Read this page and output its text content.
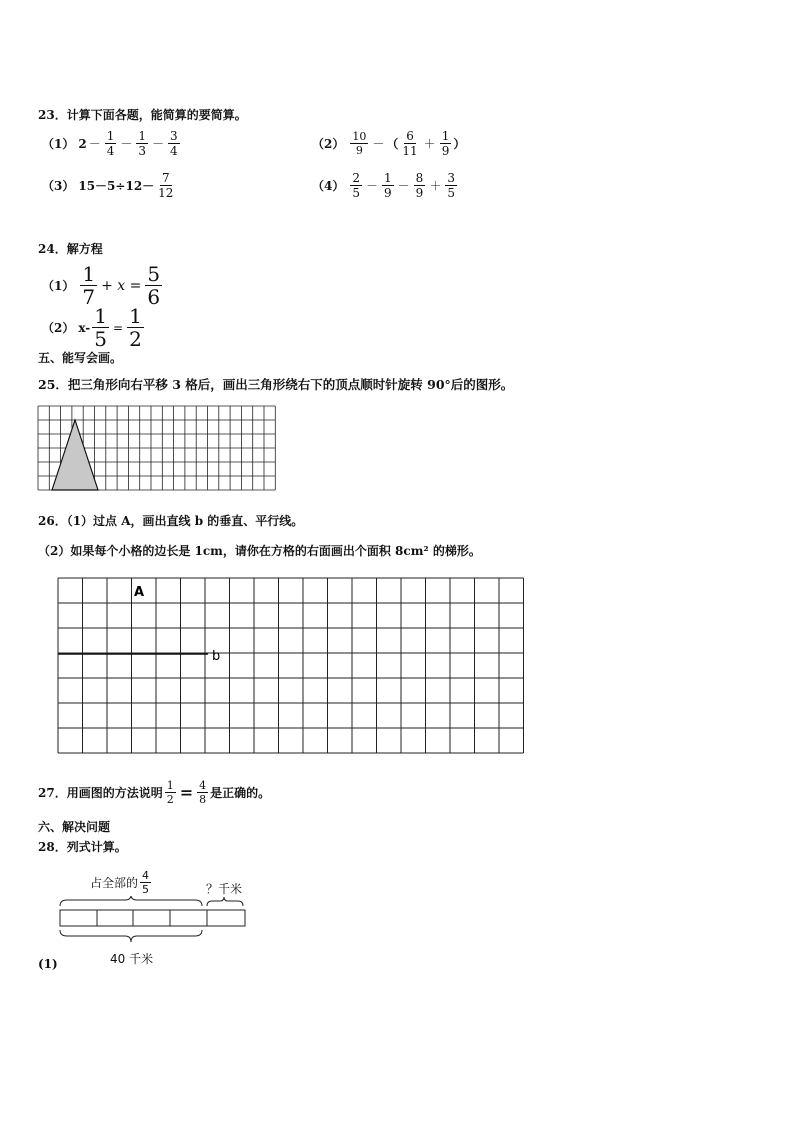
23．计算下面各题，能简算的要简算。
（1） $2 - \frac{1}{4} - \frac{1}{3} - \frac{3}{4}$	$(2) \frac{10}{9}$ － （ $\frac{6}{11} + \frac{1}{9}$ ）
（3） $15-5\div 12- \frac{7}{12}$	$(4) \frac{2}{5} - \frac{1}{9} - \frac{8}{9} + \frac{3}{5}$
24．解方程
$(1) \frac{1}{7} + x = \frac{5}{6}$
（2） $x- \frac{1}{5} = \frac{1}{2}$
五、能写会画。
25．把三角形向右平移 3 格后，画出三角形绕右下的顶点顺时针旋转 90°后的图形。
26．（1）过点 A，画出直线 b 的垂直、平行线。
（2）如果每个小格的边长是 1cm，请你在方格的右面画出个面积 8cm² 的梯形。
A
b
27．用画图的方法说明 $\frac{1}{2} = \frac{4}{8}$ 是正确的。
六、解决问题
28．列式计算。
占全部的 $\frac{4}{5}$	？千米
40 千米
(1)
